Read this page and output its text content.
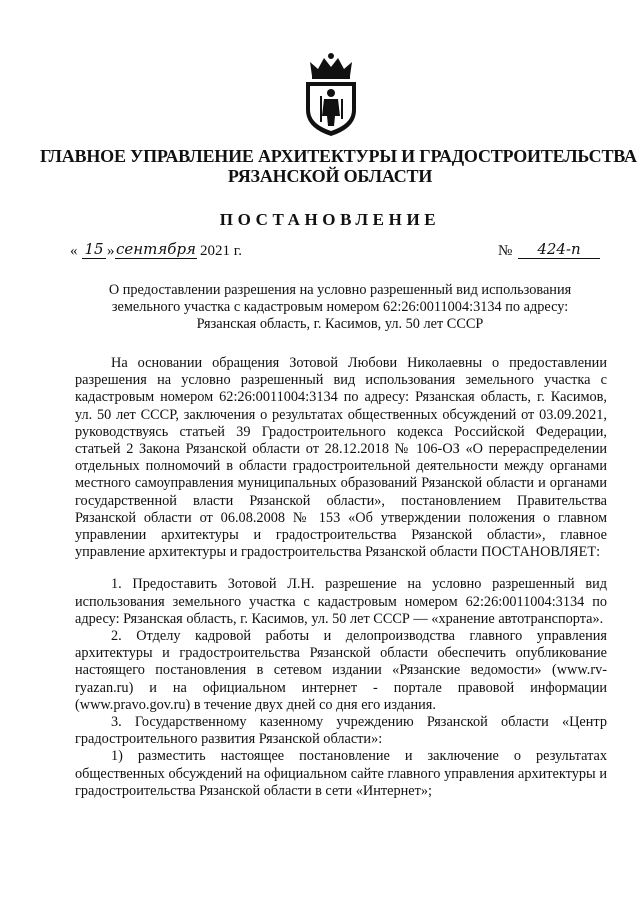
ГЛАВНОЕ УПРАВЛЕНИЕ АРХИТЕКТУРЫ И ГРАДОСТРОИТЕЛЬСТВА
РЯЗАНСКОЙ ОБЛАСТИ
ПОСТАНОВЛЕНИЕ
« 15 » сентября 2021 г.	№	424-п
О предоставлении разрешения на условно разрешенный вид использования
земельного участка с кадастровым номером 62:26:0011004:3134 по адресу:
Рязанская область, г. Касимов, ул. 50 лет СССР

На основании обращения Зотовой Любови Николаевны о предоставлении разрешения на условно разрешенный вид использования земельного участка с кадастровым номером 62:26:0011004:3134 по адресу: Рязанская область, г. Касимов, ул. 50 лет СССР, заключения о результатах общественных обсуждений от 03.09.2021, руководствуясь статьей 39 Градостроительного кодекса Российской Федерации, статьей 2 Закона Рязанской области от 28.12.2018 № 106-ОЗ «О перераспределении отдельных полномочий в области градостроительной деятельности между органами местного самоуправления муниципальных образований Рязанской области и органами государственной власти Рязанской области», постановлением Правительства Рязанской области от 06.08.2008 № 153 «Об утверждении положения о главном управлении архитектуры и градостроительства Рязанской области», главное управление архитектуры и градостроительства Рязанской области ПОСТАНОВЛЯЕТ:

1. Предоставить Зотовой Л.Н. разрешение на условно разрешенный вид использования земельного участка с кадастровым номером 62:26:0011004:3134 по адресу: Рязанская область, г. Касимов, ул. 50 лет СССР — «хранение автотранспорта».

2. Отделу кадровой работы и делопроизводства главного управления архитектуры и градостроительства Рязанской области обеспечить опубликование настоящего постановления в сетевом издании «Рязанские ведомости» (www.rv-ryazan.ru) и на официальном интернет - портале правовой информации (www.pravo.gov.ru) в течение двух дней со дня его издания.

3. Государственному казенному учреждению Рязанской области «Центр градостроительного развития Рязанской области»:

1) разместить настоящее постановление и заключение о результатах общественных обсуждений на официальном сайте главного управления архитектуры и градостроительства Рязанской области в сети «Интернет»;
